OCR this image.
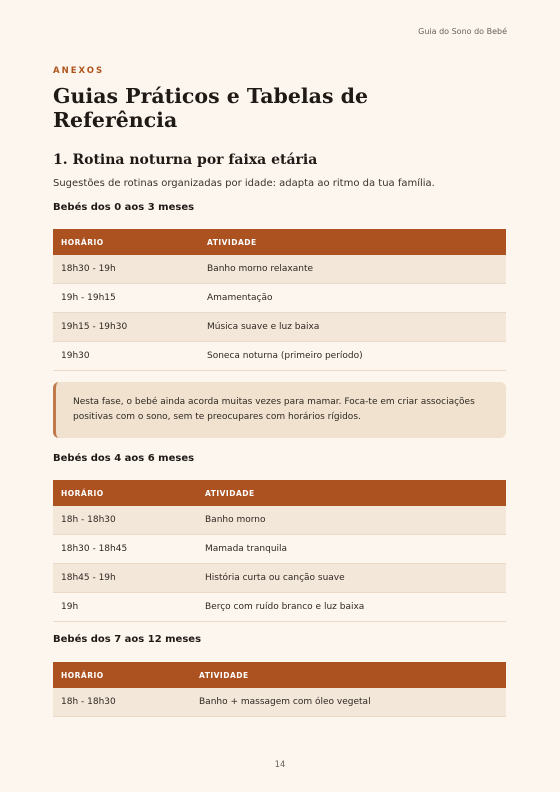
Guia do Sono do Bebé
ANEXOS
Guias Práticos e Tabelas de Referência
1. Rotina noturna por faixa etária
Sugestões de rotinas organizadas por idade: adapta ao ritmo da tua família.
Bebés dos 0 aos 3 meses
HORÁRIO	ATIVIDADE
18h30 - 19h	Banho morno relaxante
19h - 19h15	Amamentação
19h15 - 19h30	Música suave e luz baixa
19h30	Soneca noturna (primeiro período)
Nesta fase, o bebé ainda acorda muitas vezes para mamar. Foca-te em criar associações positivas com o sono, sem te preocupares com horários rígidos.
Bebés dos 4 aos 6 meses
HORÁRIO	ATIVIDADE
18h - 18h30	Banho morno
18h30 - 18h45	Mamada tranquila
18h45 - 19h	História curta ou canção suave
19h	Berço com ruído branco e luz baixa
Bebés dos 7 aos 12 meses
HORÁRIO	ATIVIDADE
18h - 18h30	Banho + massagem com óleo vegetal
14
